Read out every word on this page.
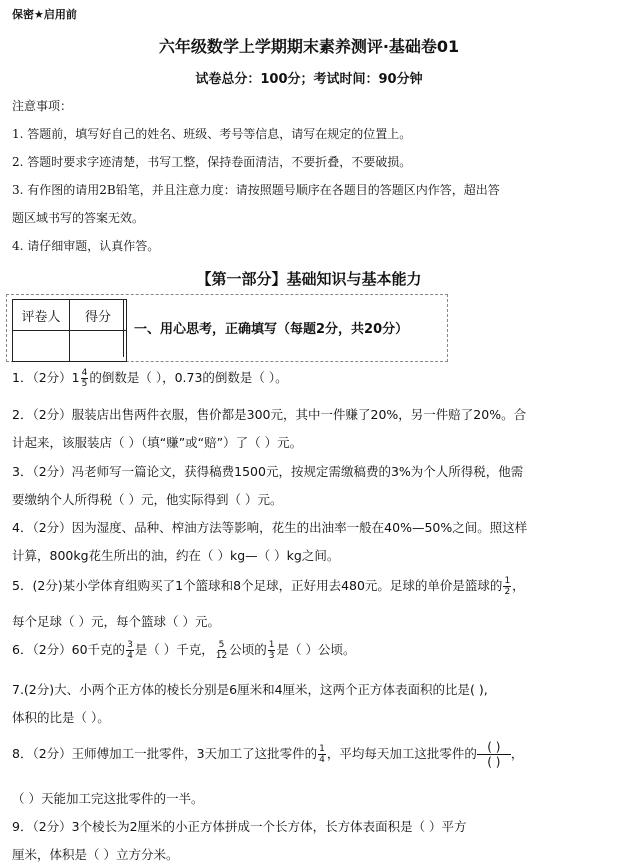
保密★启用前
六年级数学上学期期末素养测评·基础卷01
试卷总分：100分；考试时间：90分钟
注意事项：
1. 答题前，填写好自己的姓名、班级、考号等信息，请写在规定的位置上。
2. 答题时要求字迹清楚，书写工整，保持卷面清洁，不要折叠，不要破损。
3. 有作图的请用2B铅笔，并且注意力度：请按照题号顺序在各题目的答题区内作答，超出答
题区域书写的答案无效。
4. 请仔细审题，认真作答。
【第一部分】基础知识与基本能力
评卷人	得分

一、用心思考，正确填写（每题2分，共20分）
1．（2分）$1 \frac{4}{5}$ 的倒数是（ ），0.73的倒数是（ ）。
2．（2分）服装店出售两件衣服，售价都是300元，其中一件赚了20%，另一件赔了20%。合
计起来，该服装店（ ）（填“赚”或“赔”）了（ ）元。
3．（2分）冯老师写一篇论文，获得稿费1500元，按规定需缴稿费的3%为个人所得税，他需
要缴纳个人所得税（ ）元，他实际得到（ ）元。
4．（2分）因为湿度、品种、榨油方法等影响，花生的出油率一般在40%—50%之间。照这样
计算，800kg花生所出的油，约在（ ）kg—（ ）kg之间。
5．(2分)某小学体育组购买了1个篮球和8个足球，正好用去480元。足球的单价是篮球的 $\frac{1}{2}$ ，
每个足球（ ）元，每个篮球（ ）元。
6．（2分）60千克的 $\frac{3}{4}$ 是（ ）千克， $\frac{5}{12}$ 公顷的 $\frac{1}{3}$ 是（ ）公顷。
7.(2分)大、小两个正方体的棱长分别是6厘米和4厘米，这两个正方体表面积的比是( ),
体积的比是（ ）。
8．（2分）王师傅加工一批零件，3天加工了这批零件的 $\frac{1}{4}$ ，平均每天加工这批零件的 $\frac{( )}{( )}$ ，
（ ）天能加工完这批零件的一半。
9．（2分）3个棱长为2厘米的小正方体拼成一个长方体，长方体表面积是（ ）平方
厘米，体积是（ ）立方分米。
